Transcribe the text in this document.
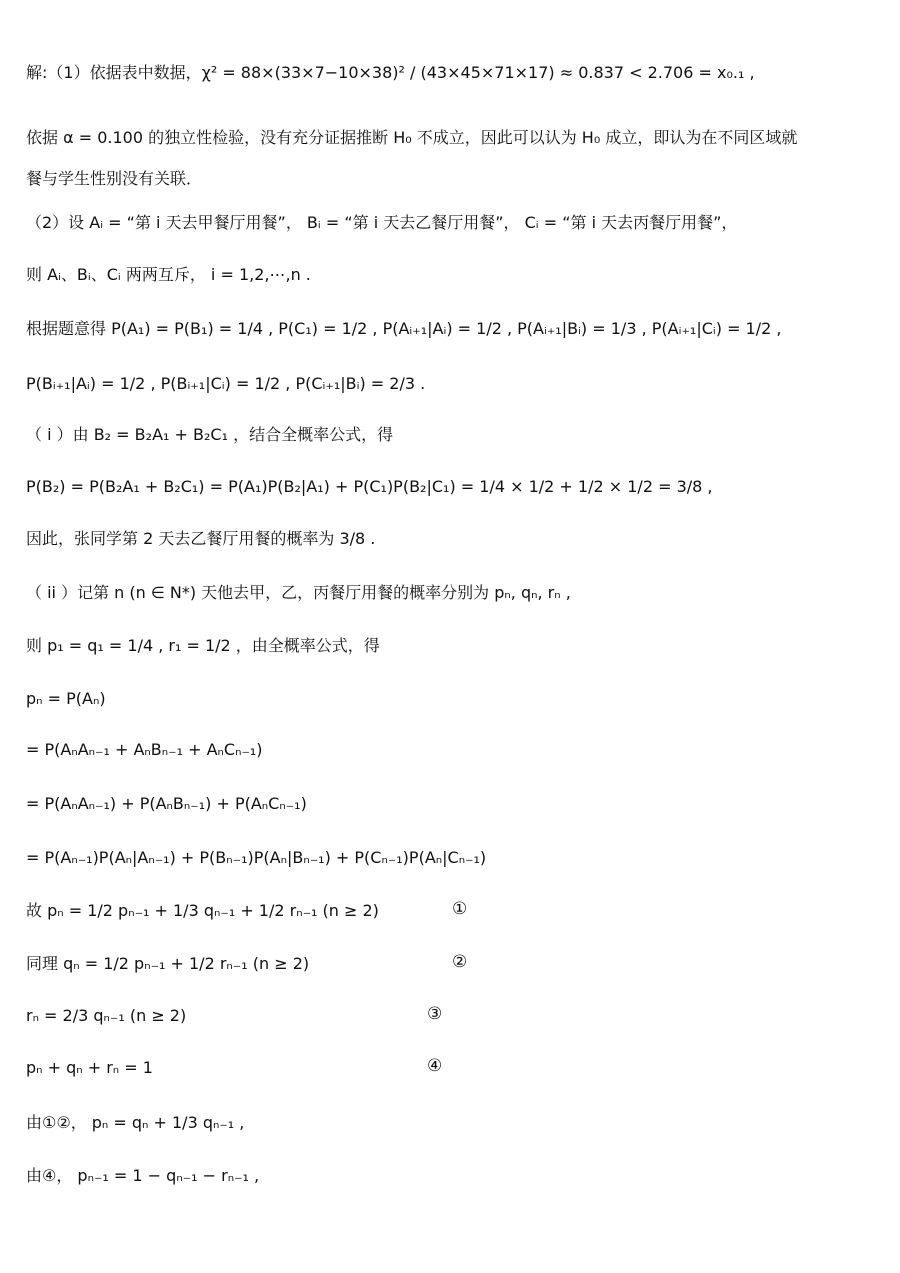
解:（1）依据表中数据，χ² = 88×(33×7−10×38)² / (43×45×71×17) ≈ 0.837 < 2.706 = x₀.₁ ,
依据 α = 0.100 的独立性检验，没有充分证据推断 H₀ 不成立，因此可以认为 H₀ 成立，即认为在不同区域就
餐与学生性别没有关联．
（2）设 Aᵢ = “第 i 天去甲餐厅用餐”， Bᵢ = “第 i 天去乙餐厅用餐”， Cᵢ = “第 i 天去丙餐厅用餐”，
则 Aᵢ、Bᵢ、Cᵢ 两两互斥， i = 1,2,⋯,n .
根据题意得 P(A₁) = P(B₁) = 1/4 , P(C₁) = 1/2 , P(Aᵢ₊₁|Aᵢ) = 1/2 , P(Aᵢ₊₁|Bᵢ) = 1/3 , P(Aᵢ₊₁|Cᵢ) = 1/2 ,
P(Bᵢ₊₁|Aᵢ) = 1/2 , P(Bᵢ₊₁|Cᵢ) = 1/2 , P(Cᵢ₊₁|Bᵢ) = 2/3 .
（ i ）由 B₂ = B₂A₁ + B₂C₁ ，结合全概率公式，得
P(B₂) = P(B₂A₁ + B₂C₁) = P(A₁)P(B₂|A₁) + P(C₁)P(B₂|C₁) = 1/4 × 1/2 + 1/2 × 1/2 = 3/8 ,
因此，张同学第 2 天去乙餐厅用餐的概率为 3/8 .
（ ii ）记第 n (n ∈ N*) 天他去甲，乙，丙餐厅用餐的概率分别为 pₙ, qₙ, rₙ ,
则 p₁ = q₁ = 1/4 , r₁ = 1/2 ，由全概率公式，得
pₙ = P(Aₙ)
= P(AₙAₙ₋₁ + AₙBₙ₋₁ + AₙCₙ₋₁)
= P(AₙAₙ₋₁) + P(AₙBₙ₋₁) + P(AₙCₙ₋₁)
= P(Aₙ₋₁)P(Aₙ|Aₙ₋₁) + P(Bₙ₋₁)P(Aₙ|Bₙ₋₁) + P(Cₙ₋₁)P(Aₙ|Cₙ₋₁)
故 pₙ = 1/2 pₙ₋₁ + 1/3 qₙ₋₁ + 1/2 rₙ₋₁ (n ≥ 2)	①
同理 qₙ = 1/2 pₙ₋₁ + 1/2 rₙ₋₁ (n ≥ 2)	②
rₙ = 2/3 qₙ₋₁ (n ≥ 2)	③
pₙ + qₙ + rₙ = 1	④
由①②， pₙ = qₙ + 1/3 qₙ₋₁ ,
由④， pₙ₋₁ = 1 − qₙ₋₁ − rₙ₋₁ ,
